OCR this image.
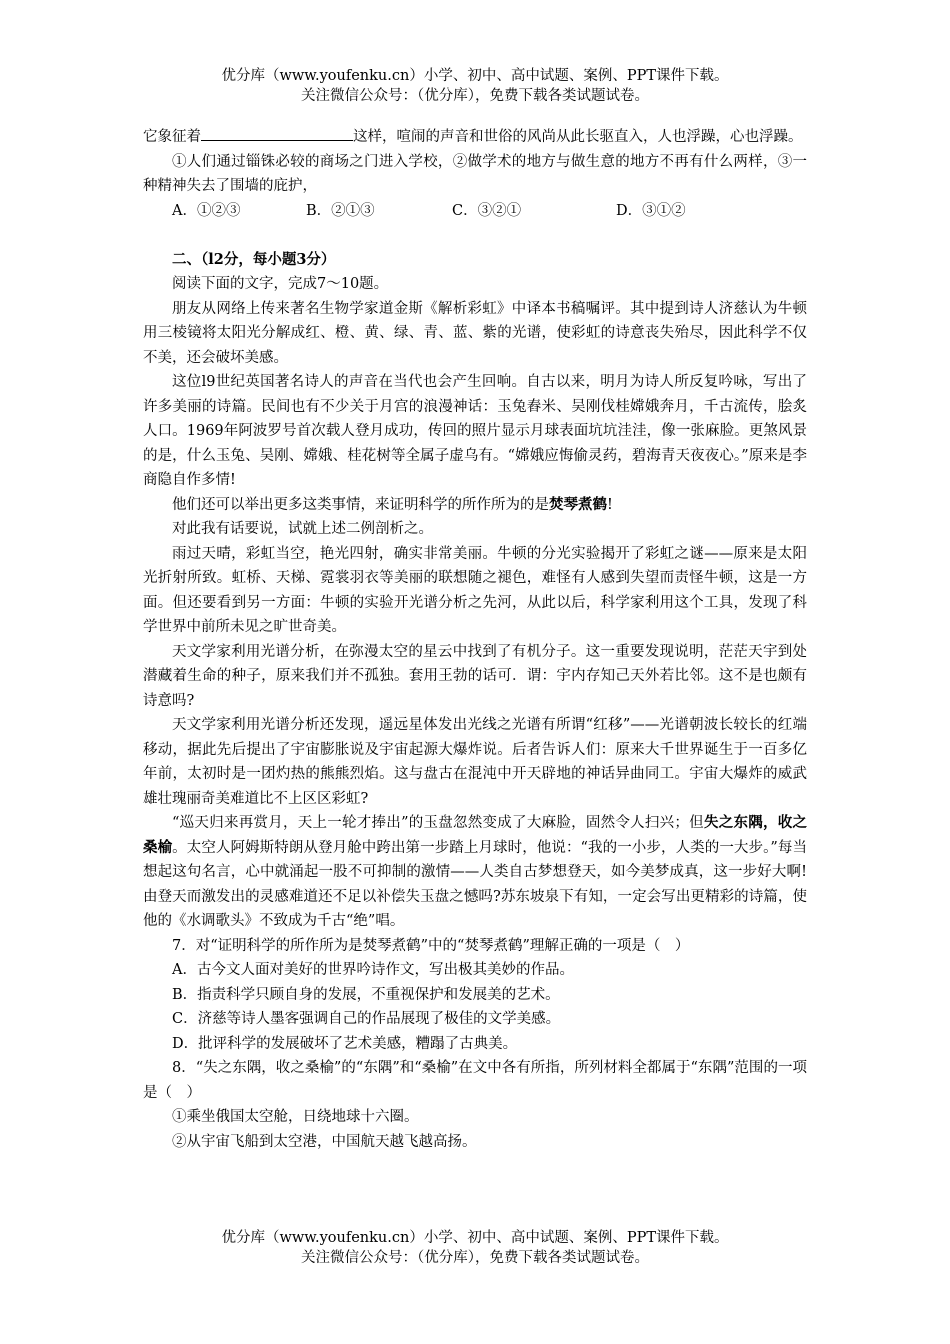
优分库（www.youfenku.cn）小学、初中、高中试题、案例、PPT课件下载。
关注微信公众号：（优分库），免费下载各类试题试卷。

它象征着	这样，喧闹的声音和世俗的风尚从此长驱直入，人也浮躁，心也浮躁。

①人们通过锱铢必较的商场之门进入学校，②做学术的地方与做生意的地方不再有什么两样，③一种精神失去了围墙的庇护，

A．①②③	B．②①③	C．③②①	D．③①②

二、（l2分，每小题3分）

阅读下面的文字，完成7～10题。

朋友从网络上传来著名生物学家道金斯《解析彩虹》中译本书稿嘱评。其中提到诗人济慈认为牛顿用三棱镜将太阳光分解成红、橙、黄、绿、青、蓝、紫的光谱，使彩虹的诗意丧失殆尽，因此科学不仅不美，还会破坏美感。

这位l9世纪英国著名诗人的声音在当代也会产生回响。自古以来，明月为诗人所反复吟咏，写出了许多美丽的诗篇。民间也有不少关于月宫的浪漫神话：玉兔舂米、吴刚伐桂嫦娥奔月，千古流传，脍炙人口。1969年阿波罗号首次载人登月成功，传回的照片显示月球表面坑坑洼洼，像一张麻脸。更煞风景的是，什么玉兔、吴刚、嫦娥、桂花树等全属子虚乌有。“嫦娥应悔偷灵药，碧海青天夜夜心。”原来是李商隐自作多情!

他们还可以举出更多这类事情，来证明科学的所作所为的是焚琴煮鹤!

对此我有话要说，试就上述二例剖析之。

雨过天晴，彩虹当空，艳光四射，确实非常美丽。牛顿的分光实验揭开了彩虹之谜——原来是太阳光折射所致。虹桥、天梯、霓裳羽衣等美丽的联想随之褪色，难怪有人感到失望而责怪牛顿，这是一方面。但还要看到另一方面：牛顿的实验开光谱分析之先河，从此以后，科学家利用这个工具，发现了科学世界中前所未见之旷世奇美。

天文学家利用光谱分析，在弥漫太空的星云中找到了有机分子。这一重要发现说明，茫茫天宇到处潜藏着生命的种子，原来我们并不孤独。套用王勃的话可．谓：宇内存知己天外若比邻。这不是也颇有诗意吗?

天文学家利用光谱分析还发现，遥远星体发出光线之光谱有所谓“红移”——光谱朝波长较长的红端移动，据此先后提出了宇宙膨胀说及宇宙起源大爆炸说。后者告诉人们：原来大千世界诞生于一百多亿年前，太初时是一团灼热的熊熊烈焰。这与盘古在混沌中开天辟地的神话异曲同工。宇宙大爆炸的威武雄壮瑰丽奇美难道比不上区区彩虹?

“巡天归来再赏月，天上一轮才捧出”的玉盘忽然变成了大麻脸，固然令人扫兴；但失之东隅，收之桑榆。太空人阿姆斯特朗从登月舱中跨出第一步踏上月球时，他说：“我的一小步，人类的一大步。”每当想起这句名言，心中就涌起一股不可抑制的激情——人类自古梦想登天，如今美梦成真，这一步好大啊!由登天而激发出的灵感难道还不足以补偿失玉盘之憾吗?苏东坡泉下有知，一定会写出更精彩的诗篇，使他的《水调歌头》不致成为千古“绝”唱。

7．对“证明科学的所作所为是焚琴煮鹤”中的“焚琴煮鹤”理解正确的一项是（　）

A．古今文人面对美好的世界吟诗作文，写出极其美妙的作品。

B．指责科学只顾自身的发展，不重视保护和发展美的艺术。

C．济慈等诗人墨客强调自己的作品展现了极佳的文学美感。

D．批评科学的发展破坏了艺术美感，糟蹋了古典美。

8．“失之东隅，收之桑榆”的“东隅”和“桑榆”在文中各有所指，所列材料全都属于“东隅”范围的一项是（　）

①乘坐俄国太空舱，日绕地球十六圈。

②从宇宙飞船到太空港，中国航天越飞越高扬。

优分库（www.youfenku.cn）小学、初中、高中试题、案例、PPT课件下载。
关注微信公众号：（优分库），免费下载各类试题试卷。
